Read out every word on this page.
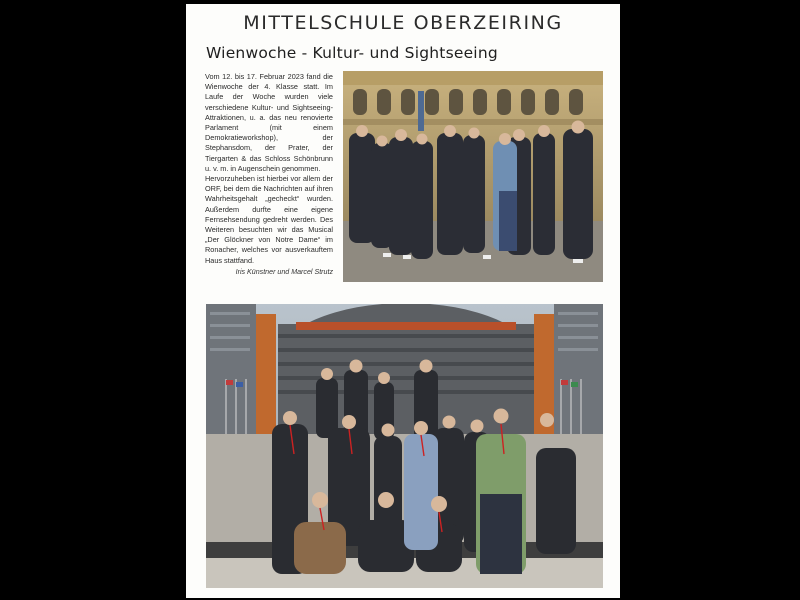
MITTELSCHULE OBERZEIRING
Wienwoche - Kultur- und Sightseeing

Vom 12. bis 17. Februar 2023 fand die Wienwoche der 4. Klasse statt. Im Laufe der Woche wurden viele verschiedene Kultur- und Sightseeing-Attraktionen, u. a. das neu renovierte Parlament (mit einem Demokratieworkshop), der Stephansdom, der Prater, der Tiergarten & das Schloss Schönbrunn u. v. m. in Augenschein genommen.

Hervorzuheben ist hierbei vor allem der ORF, bei dem die Nachrichten auf ihren Wahrheitsgehalt „gecheckt“ wurden. Außerdem durfte eine eigene Fernsehsendung gedreht werden. Des Weiteren besuchten wir das Musical „Der Glöckner von Notre Dame“ im Ronacher, welches vor ausverkauftem Haus stattfand.

Iris Künstner und Marcel Strutz
